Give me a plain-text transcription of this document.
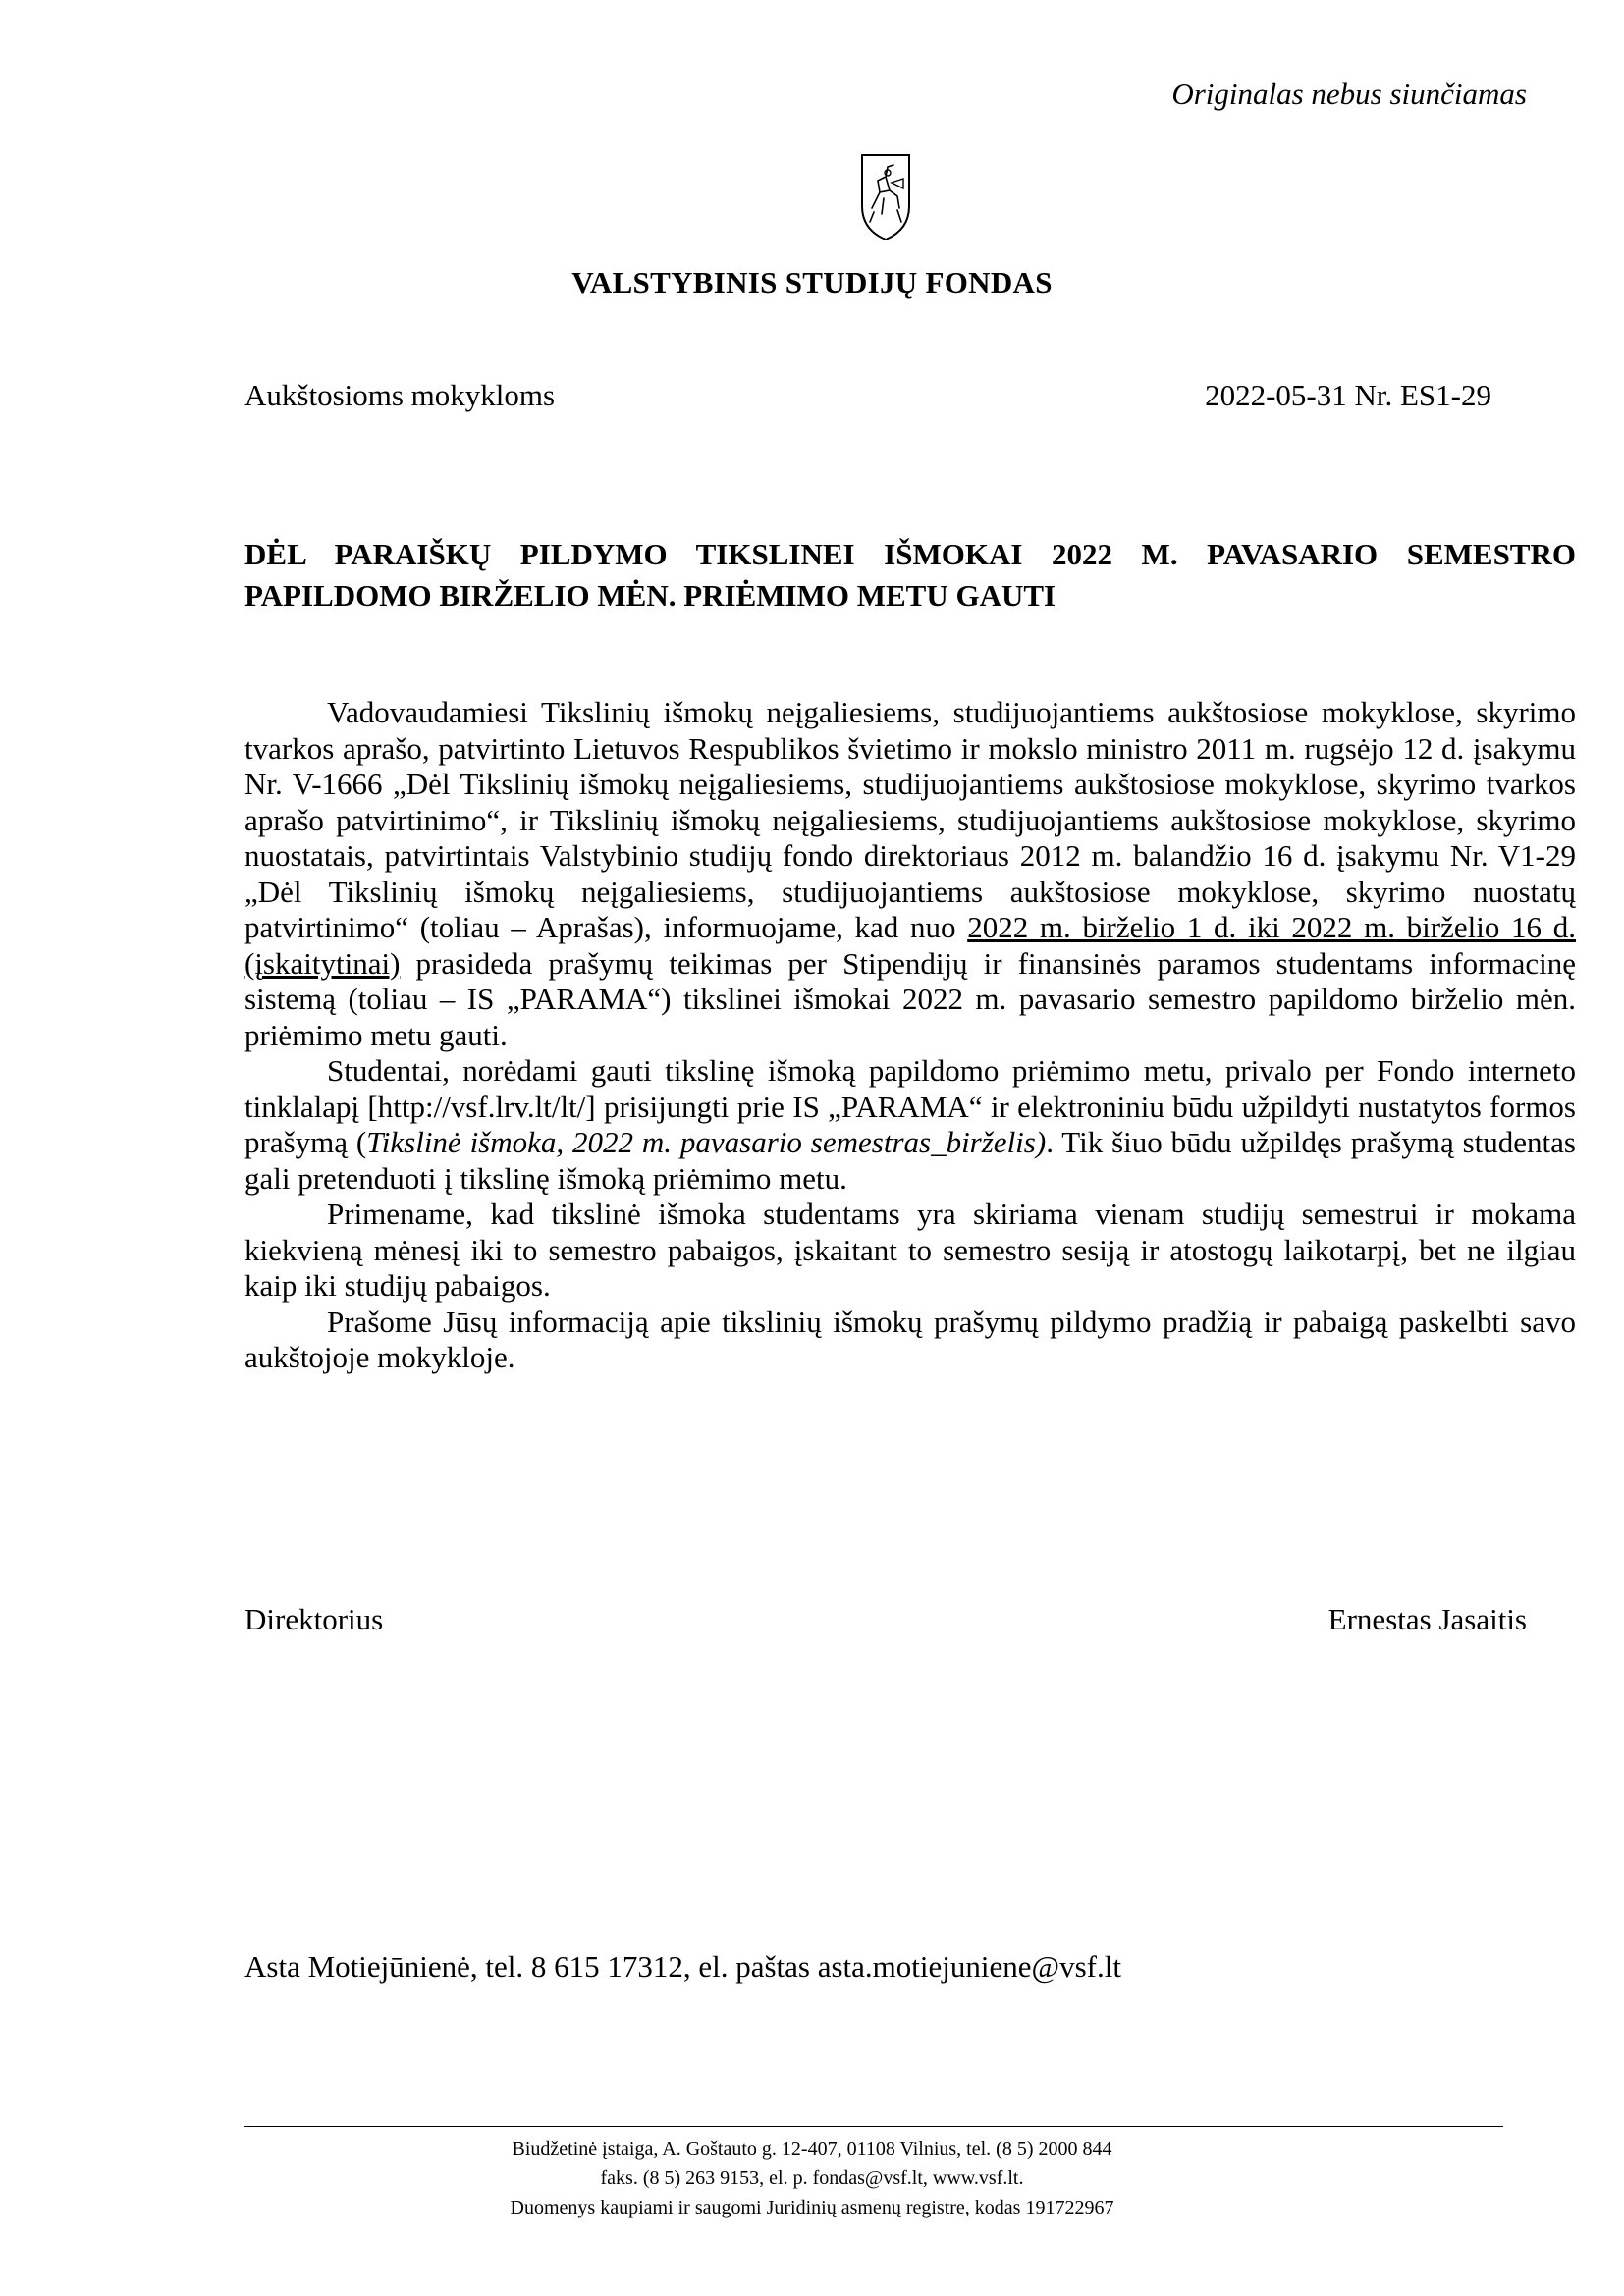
Originalas nebus siunčiamas
VALSTYBINIS STUDIJŲ FONDAS
Aukštosioms mokykloms	2022-05-31 Nr. ES1-29
DĖL PARAIŠKŲ PILDYMO TIKSLINEI IŠMOKAI 2022 M. PAVASARIO SEMESTRO PAPILDOMO BIRŽELIO MĖN. PRIĖMIMO METU GAUTI

Vadovaudamiesi Tikslinių išmokų neįgaliesiems, studijuojantiems aukštosiose mokyklose, skyrimo tvarkos aprašo, patvirtinto Lietuvos Respublikos švietimo ir mokslo ministro 2011 m. rugsėjo 12 d. įsakymu Nr. V-1666 „Dėl Tikslinių išmokų neįgaliesiems, studijuojantiems aukštosiose mokyklose, skyrimo tvarkos aprašo patvirtinimo“, ir Tikslinių išmokų neįgaliesiems, studijuojantiems aukštosiose mokyklose, skyrimo nuostatais, patvirtintais Valstybinio studijų fondo direktoriaus 2012 m. balandžio 16 d. įsakymu Nr. V1-29 „Dėl Tikslinių išmokų neįgaliesiems, studijuojantiems aukštosiose mokyklose, skyrimo nuostatų patvirtinimo“ (toliau – Aprašas), informuojame, kad nuo 2022 m. birželio 1 d. iki 2022 m. birželio 16 d. (įskaitytinai) prasideda prašymų teikimas per Stipendijų ir finansinės paramos studentams informacinę sistemą (toliau – IS „PARAMA“) tikslinei išmokai 2022 m. pavasario semestro papildomo birželio mėn. priėmimo metu gauti.

Studentai, norėdami gauti tikslinę išmoką papildomo priėmimo metu, privalo per Fondo interneto tinklalapį [http://vsf.lrv.lt/lt/] prisijungti prie IS „PARAMA“ ir elektroniniu būdu užpildyti nustatytos formos prašymą (Tikslinė išmoka, 2022 m. pavasario semestras_birželis). Tik šiuo būdu užpildęs prašymą studentas gali pretenduoti į tikslinę išmoką priėmimo metu.

Primename, kad tikslinė išmoka studentams yra skiriama vienam studijų semestrui ir mokama kiekvieną mėnesį iki to semestro pabaigos, įskaitant to semestro sesiją ir atostogų laikotarpį, bet ne ilgiau kaip iki studijų pabaigos.

Prašome Jūsų informaciją apie tikslinių išmokų prašymų pildymo pradžią ir pabaigą paskelbti savo aukštojoje mokykloje.

Direktorius	Ernestas Jasaitis
Asta Motiejūnienė, tel. 8 615 17312, el. paštas asta.motiejuniene@vsf.lt
Biudžetinė įstaiga, A. Goštauto g. 12-407, 01108 Vilnius, tel. (8 5) 2000 844
faks. (8 5) 263 9153, el. p. fondas@vsf.lt, www.vsf.lt.
Duomenys kaupiami ir saugomi Juridinių asmenų registre, kodas 191722967
